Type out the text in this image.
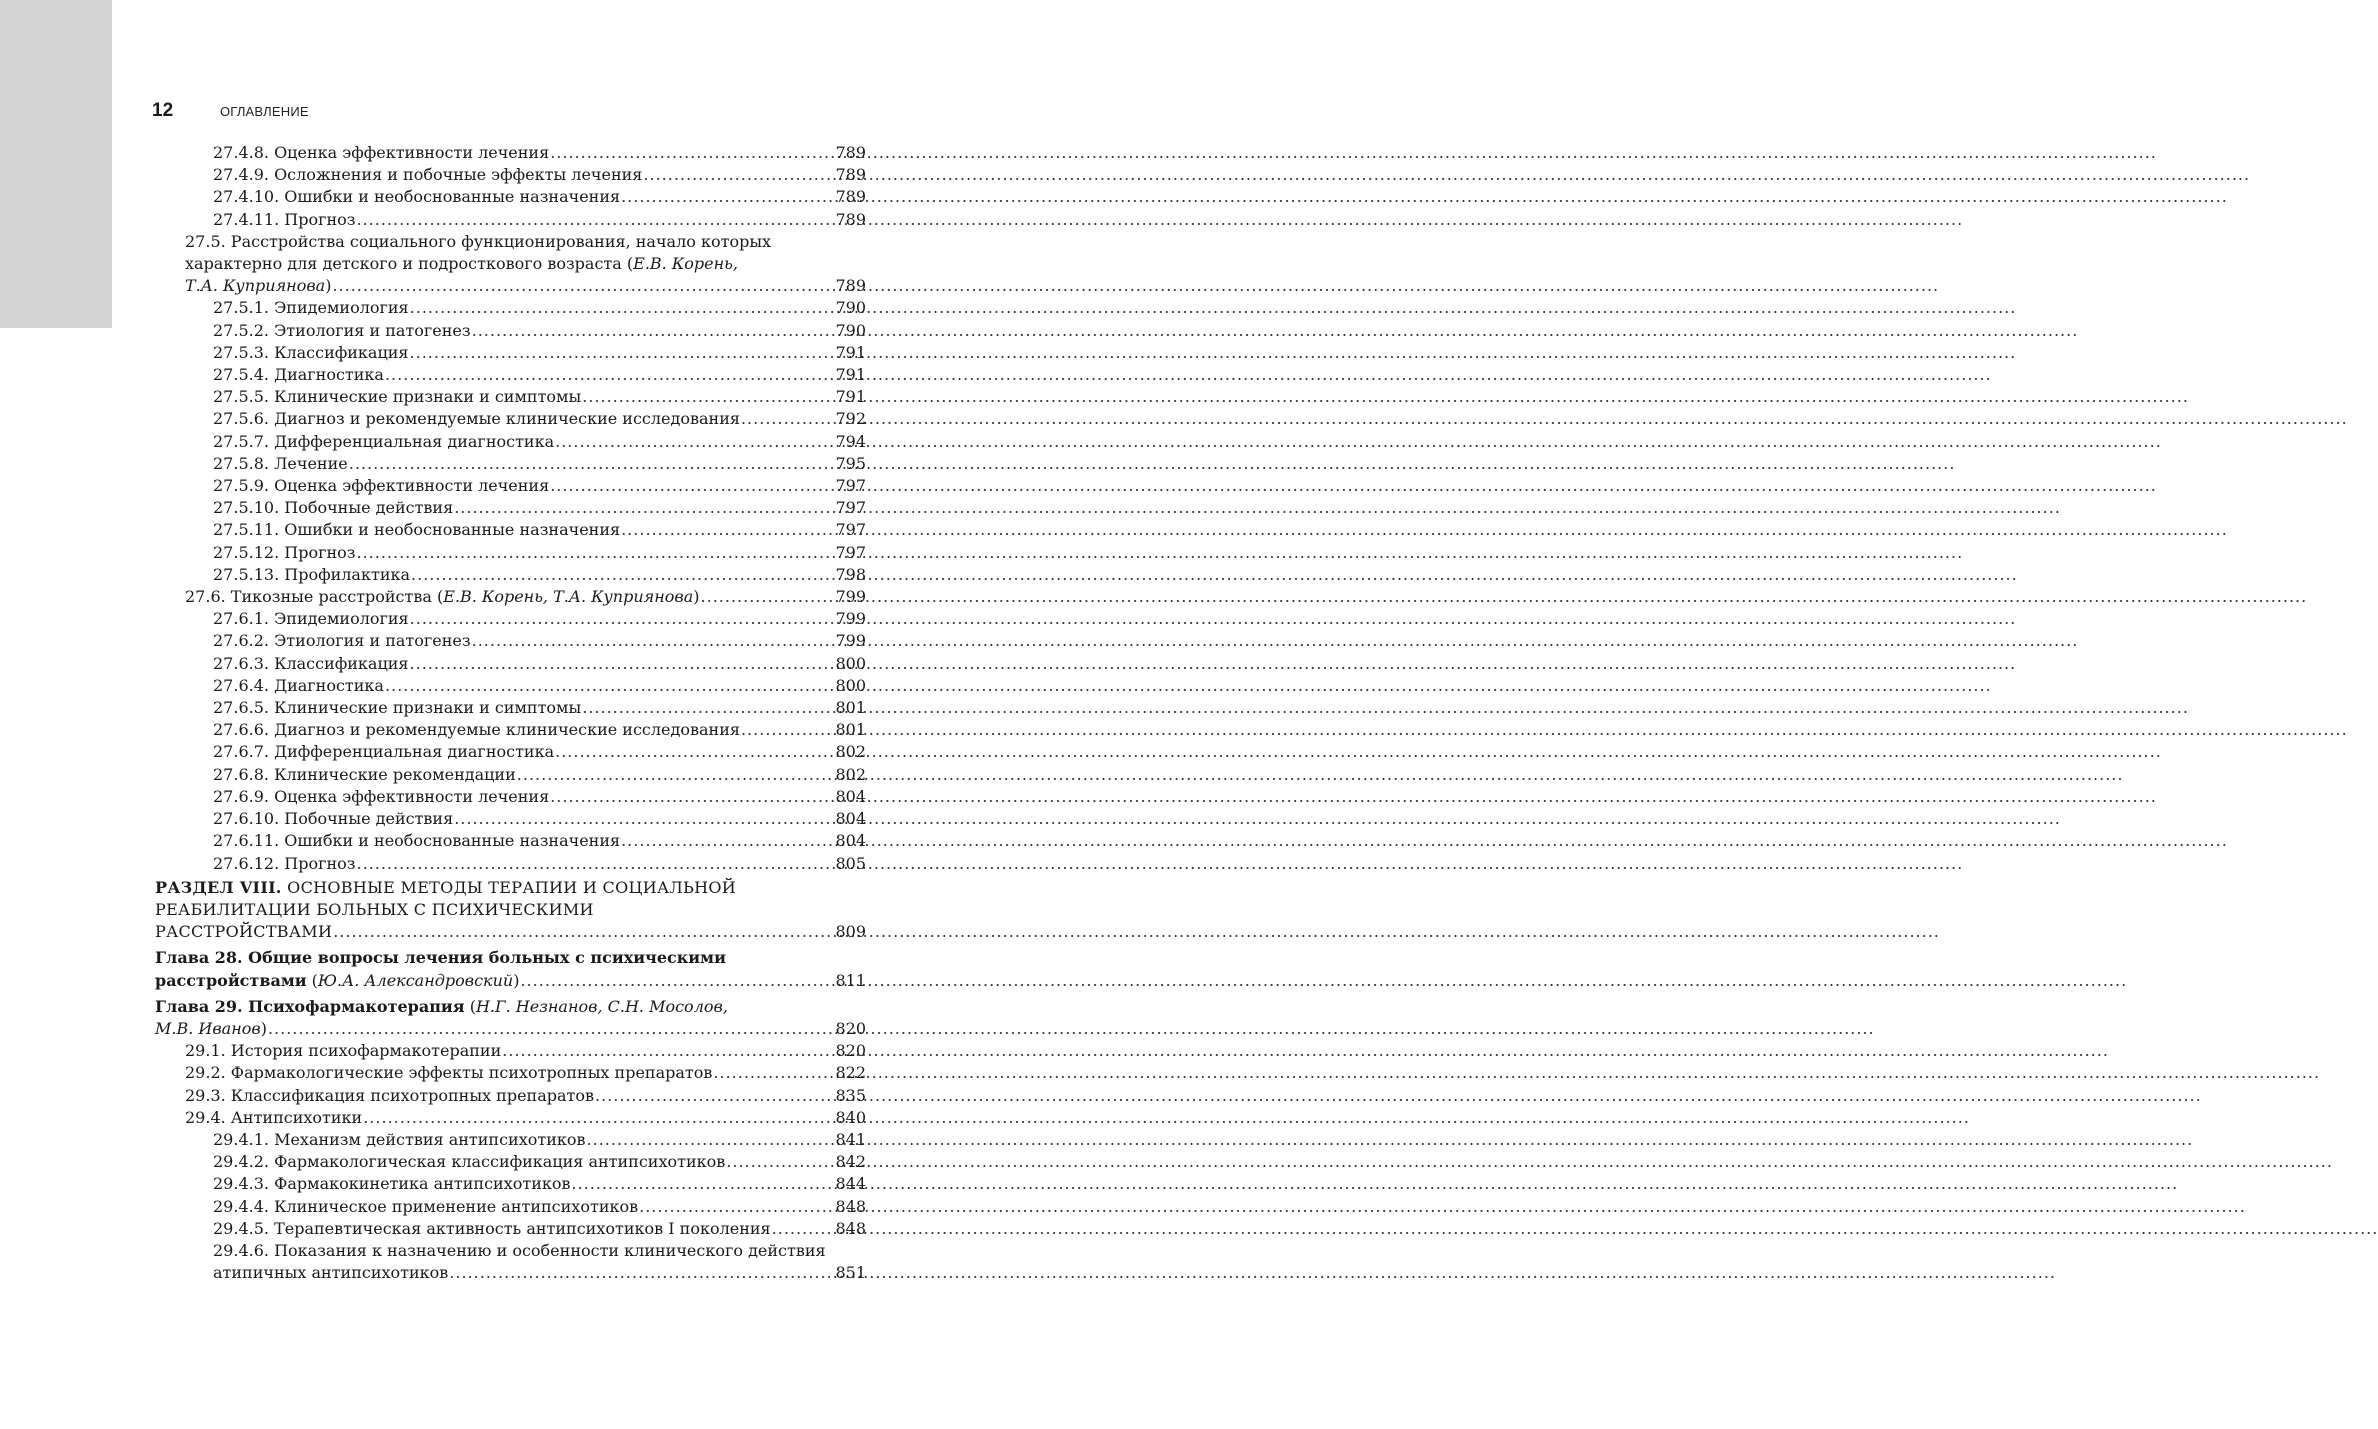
12	ОГЛАВЛЕНИЕ
27.4.8. Оценка эффективности лечения .....	789
27.4.9. Осложнения и побочные эффекты лечения .....	789
27.4.10. Ошибки и необоснованные назначения .....	789
27.4.11. Прогноз .....	789
27.5. Расстройства социального функционирования, начало которых
характерно для детского и подросткового возраста (Е.В. Корень,
Т.А. Куприянова) .....	789
27.5.1. Эпидемиология .....	790
27.5.2. Этиология и патогенез .....	790
27.5.3. Классификация .....	791
27.5.4. Диагностика .....	791
27.5.5. Клинические признаки и симптомы .....	791
27.5.6. Диагноз и рекомендуемые клинические исследования .....	792
27.5.7. Дифференциальная диагностика .....	794
27.5.8. Лечение .....	795
27.5.9. Оценка эффективности лечения .....	797
27.5.10. Побочные действия .....	797
27.5.11. Ошибки и необоснованные назначения .....	797
27.5.12. Прогноз .....	797
27.5.13. Профилактика .....	798
27.6. Тикозные расстройства (Е.В. Корень, Т.А. Куприянова) .....	799
27.6.1. Эпидемиология .....	799
27.6.2. Этиология и патогенез .....	799
27.6.3. Классификация .....	800
27.6.4. Диагностика .....	800
27.6.5. Клинические признаки и симптомы .....	801
27.6.6. Диагноз и рекомендуемые клинические исследования .....	801
27.6.7. Дифференциальная диагностика .....	802
27.6.8. Клинические рекомендации .....	802
27.6.9. Оценка эффективности лечения .....	804
27.6.10. Побочные действия .....	804
27.6.11. Ошибки и необоснованные назначения .....	804
27.6.12. Прогноз .....	805
РАЗДЕЛ VIII. ОСНОВНЫЕ МЕТОДЫ ТЕРАПИИ И СОЦИАЛЬНОЙ
РЕАБИЛИТАЦИИ БОЛЬНЫХ С ПСИХИЧЕСКИМИ
РАССТРОЙСТВАМИ .....	809
Глава 28. Общие вопросы лечения больных с психическими
расстройствами (Ю.А. Александровский) .....	811
Глава 29. Психофармакотерапия (Н.Г. Незнанов, С.Н. Мосолов,
М.В. Иванов) .....	820
29.1. История психофармакотерапии .....	820
29.2. Фармакологические эффекты психотропных препаратов .....	822
29.3. Классификация психотропных препаратов .....	835
29.4. Антипсихотики .....	840
29.4.1. Механизм действия антипсихотиков .....	841
29.4.2. Фармакологическая классификация антипсихотиков .....	842
29.4.3. Фармакокинетика антипсихотиков .....	844
29.4.4. Клиническое применение антипсихотиков .....	848
29.4.5. Терапевтическая активность антипсихотиков I поколения .....	848
29.4.6. Показания к назначению и особенности клинического действия
атипичных антипсихотиков .....	851
